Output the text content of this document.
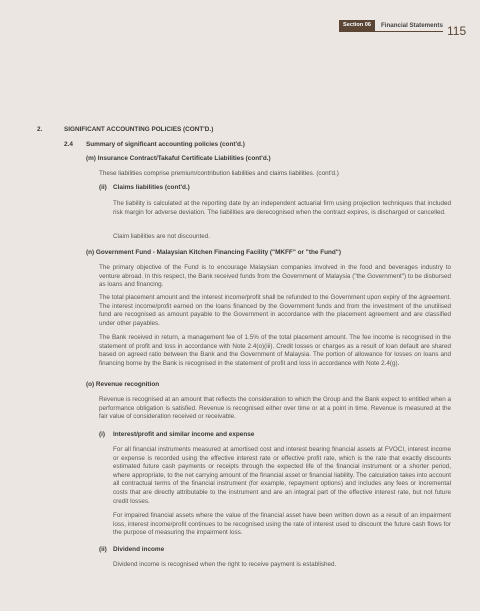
Section 06	Financial Statements 115
2.	SIGNIFICANT ACCOUNTING POLICIES (CONT'D.)
2.4 Summary of significant accounting policies (cont'd.)
(m) Insurance Contract/Takaful Certificate Liabilities (cont'd.)
These liabilities comprise premium/contribution liabilities and claims liabilities. (cont'd.)
(ii) Claims liabilities (cont'd.)
The liability is calculated at the reporting date by an independent actuarial firm using projection techniques that included risk margin for adverse deviation. The liabilities are derecognised when the contract expires, is discharged or cancelled.
Claim liabilities are not discounted.
(n) Government Fund - Malaysian Kitchen Financing Facility ("MKFF" or "the Fund")
The primary objective of the Fund is to encourage Malaysian companies involved in the food and beverages industry to venture abroad. In this respect, the Bank received funds from the Government of Malaysia ("the Government") to be disbursed as loans and financing.
The total placement amount and the interest income/profit shall be refunded to the Government upon expiry of the agreement. The interest income/profit earned on the loans financed by the Government funds and from the investment of the unutilised fund are recognised as amount payable to the Government in accordance with the placement agreement and are classified under other payables.
The Bank received in return, a management fee of 1.5% of the total placement amount. The fee income is recognised in the statement of profit and loss in accordance with Note 2.4(o)(iii). Credit losses or charges as a result of loan default are shared based on agreed ratio between the Bank and the Government of Malaysia. The portion of allowance for losses on loans and financing borne by the Bank is recognised in the statement of profit and loss in accordance with Note 2.4(g).
(o) Revenue recognition
Revenue is recognised at an amount that reflects the consideration to which the Group and the Bank expect to entitled when a performance obligation is satisfied. Revenue is recognised either over time or at a point in time. Revenue is measured at the fair value of consideration received or receivable.
(i) Interest/profit and similar income and expense
For all financial instruments measured at amortised cost and interest bearing financial assets at FVOCI, interest income or expense is recorded using the effective interest rate or effective profit rate, which is the rate that exactly discounts estimated future cash payments or receipts through the expected life of the financial instrument or a shorter period, where appropriate, to the net carrying amount of the financial asset or financial liability. The calculation takes into account all contractual terms of the financial instrument (for example, repayment options) and includes any fees or incremental costs that are directly attributable to the instrument and are an integral part of the effective interest rate, but not future credit losses.
For impaired financial assets where the value of the financial asset have been written down as a result of an impairment loss, interest income/profit continues to be recognised using the rate of interest used to discount the future cash flows for the purpose of measuring the impairment loss.
(ii) Dividend income
Dividend income is recognised when the right to receive payment is established.
